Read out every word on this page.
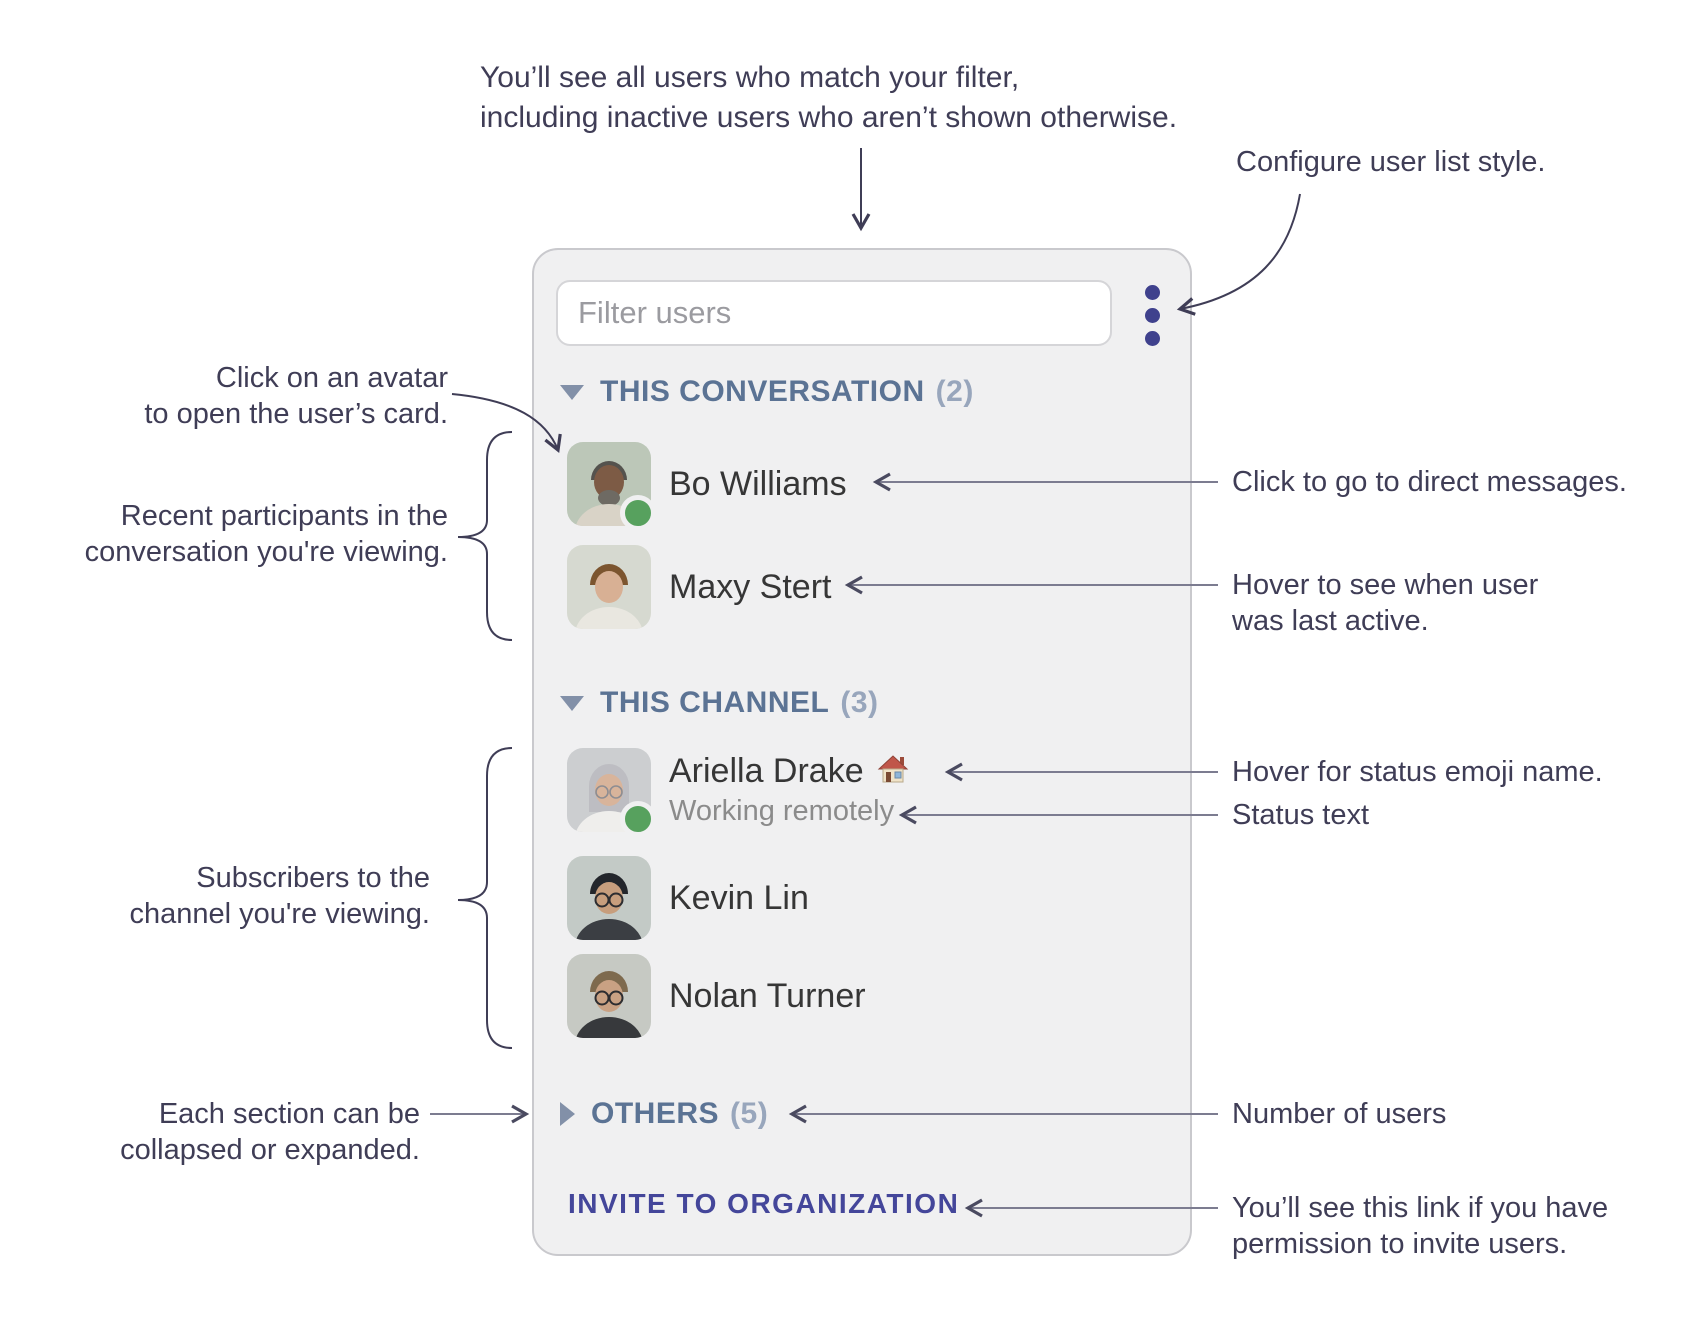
You’ll see all users who match your filter,
including inactive users who aren’t shown otherwise.
Configure user list style.
Filter users
THIS CONVERSATION (2)
Bo Williams
Maxy Stert
THIS CHANNEL (3)
Ariella Drake
Working remotely
Kevin Lin
Nolan Turner
OTHERS (5)
INVITE TO ORGANIZATION
Click on an avatar
to open the user’s card.
Recent participants in the
conversation you're viewing.
Subscribers to the
channel you're viewing.
Each section can be
collapsed or expanded.
Click to go to direct messages.
Hover to see when user
was last active.
Hover for status emoji name.
Status text
Number of users
You’ll see this link if you have
permission to invite users.
